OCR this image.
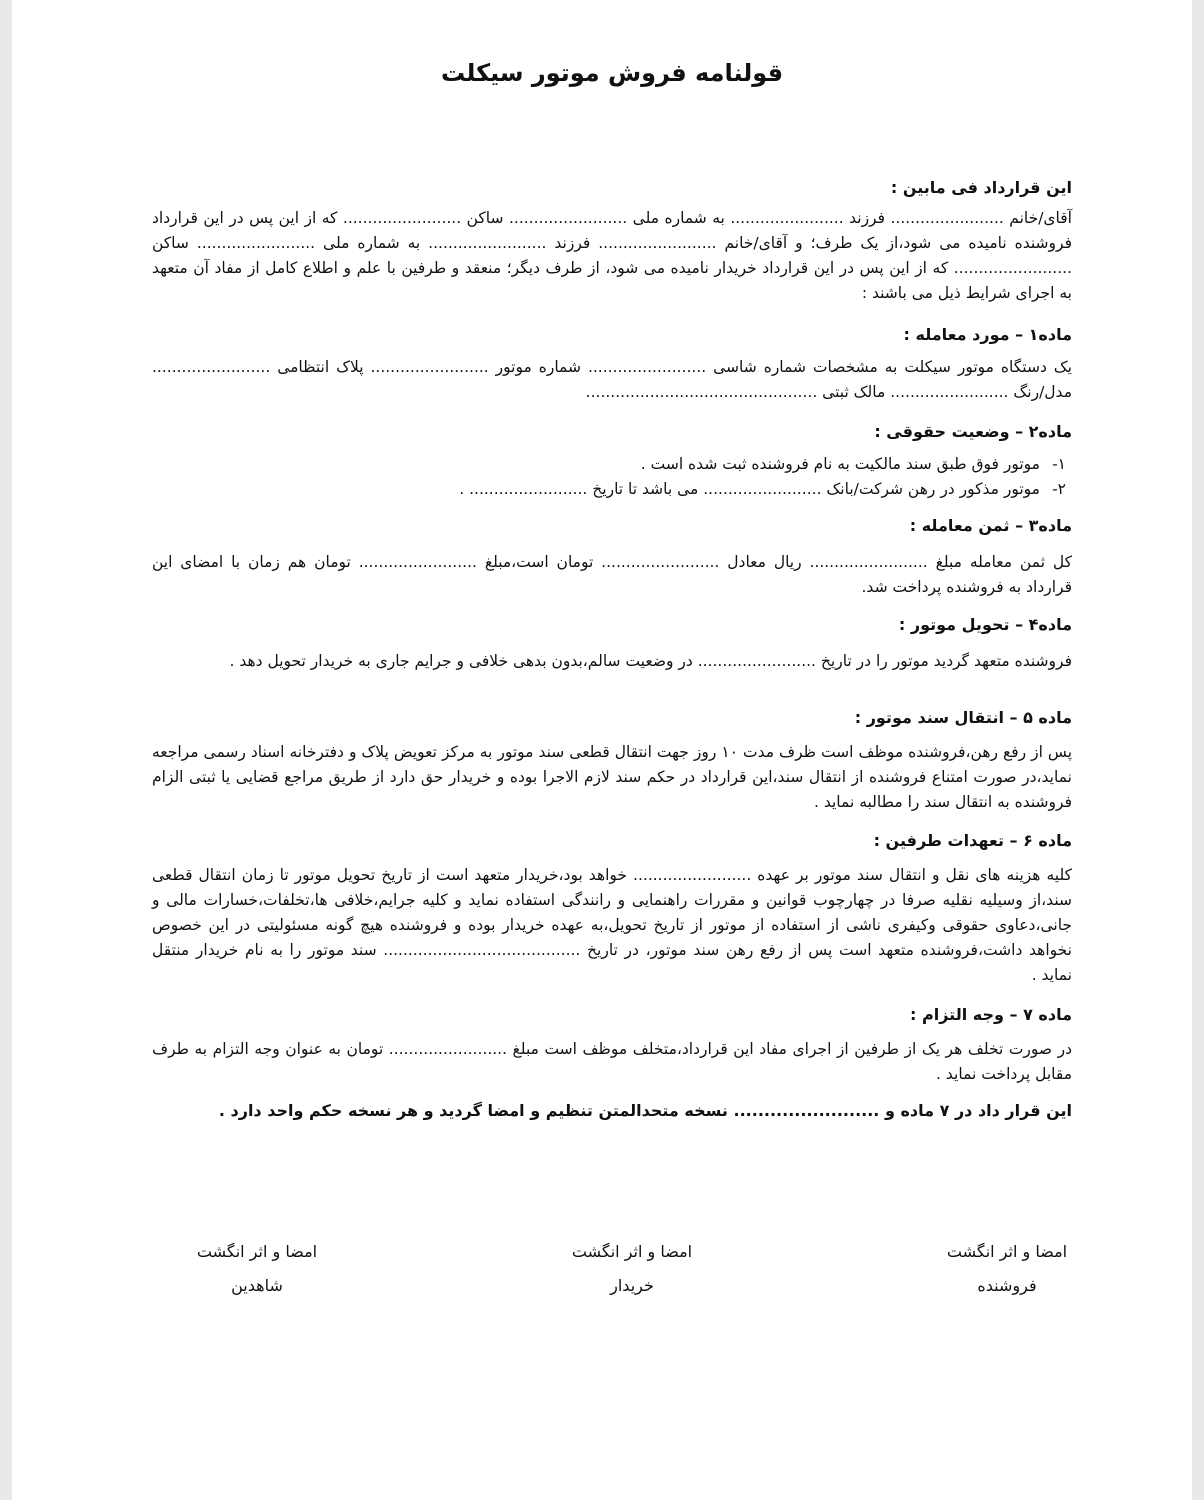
قولنامه فروش موتور سیکلت
این قرارداد فی مابین :

آقای/خانم ....................... فرزند ....................... به شماره ملی ........................ ساکن ........................ که از این پس در این قرارداد فروشنده نامیده می شود،از یک طرف؛ و آقای/خانم ........................ فرزند ........................ به شماره ملی ........................ ساکن ........................ که از این پس در این قرارداد خریدار نامیده می شود، از طرف دیگر؛ منعقد و طرفین با علم و اطلاع کامل از مفاد آن متعهد به اجرای شرایط ذیل می باشند :

ماده۱ – مورد معامله :

یک دستگاه موتور سیکلت به مشخصات شماره شاسی ........................ شماره موتور ........................ پلاک انتظامی ........................ مدل/رنگ ........................ مالک ثبتی ...............................................

ماده۲ – وضعیت حقوقی :

۱-
موتور فوق طبق سند مالکیت به نام فروشنده ثبت شده است .

۲-
موتور مذکور در رهن شرکت/بانک ........................ می باشد تا تاریخ ........................ .

ماده۳ – ثمن معامله :

کل ثمن معامله مبلغ ........................ ریال معادل ........................ تومان است،مبلغ ........................ تومان هم زمان با امضای این قرارداد به فروشنده پرداخت شد.

ماده۴ – تحویل موتور :

فروشنده متعهد گردید موتور را در تاریخ ........................ در وضعیت سالم،بدون بدهی خلافی و جرایم جاری به خریدار تحویل دهد .

ماده ۵ – انتقال سند موتور :

پس از رفع رهن،فروشنده موظف است ظرف مدت ۱۰ روز جهت انتقال قطعی سند موتور به مرکز تعویض پلاک و دفترخانه اسناد رسمی مراجعه نماید،در صورت امتناع فروشنده از انتقال سند،این قرارداد در حکم سند لازم الاجرا بوده و خریدار حق دارد از طریق مراجع قضایی یا ثبتی الزام فروشنده به انتقال سند را مطالبه نماید .

ماده ۶ – تعهدات طرفین :

کلیه هزینه های نقل و انتقال سند موتور بر عهده ........................ خواهد بود،خریدار متعهد است از تاریخ تحویل موتور تا زمان انتقال قطعی سند،از وسیلیه نقلیه صرفا در چهارچوب قوانین و مقررات راهنمایی و رانندگی استفاده نماید و کلیه جرایم،خلافی ها،تخلفات،خسارات مالی و جانی،دعاوی حقوقی وکیفری ناشی از استفاده از موتور از تاریخ تحویل،به عهده خریدار بوده و فروشنده هیچ گونه مسئولیتی در این خصوص نخواهد داشت،فروشنده متعهد است پس از رفع رهن سند موتور، در تاریخ ........................................ سند موتور را به نام خریدار منتقل نماید .

ماده ۷ – وجه التزام :

در صورت تخلف هر یک از طرفین از اجرای مفاد این قرارداد،متخلف موظف است مبلغ ........................ تومان به عنوان وجه التزام به طرف مقابل پرداخت نماید .

این قرار داد در ۷ ماده و ........................ نسخه متحدالمتن تنظیم و امضا گردید و هر نسخه حکم واحد دارد .

امضا و اثر انگشت
فروشنده
امضا و اثر انگشت
خریدار
امضا و اثر انگشت
شاهدین
